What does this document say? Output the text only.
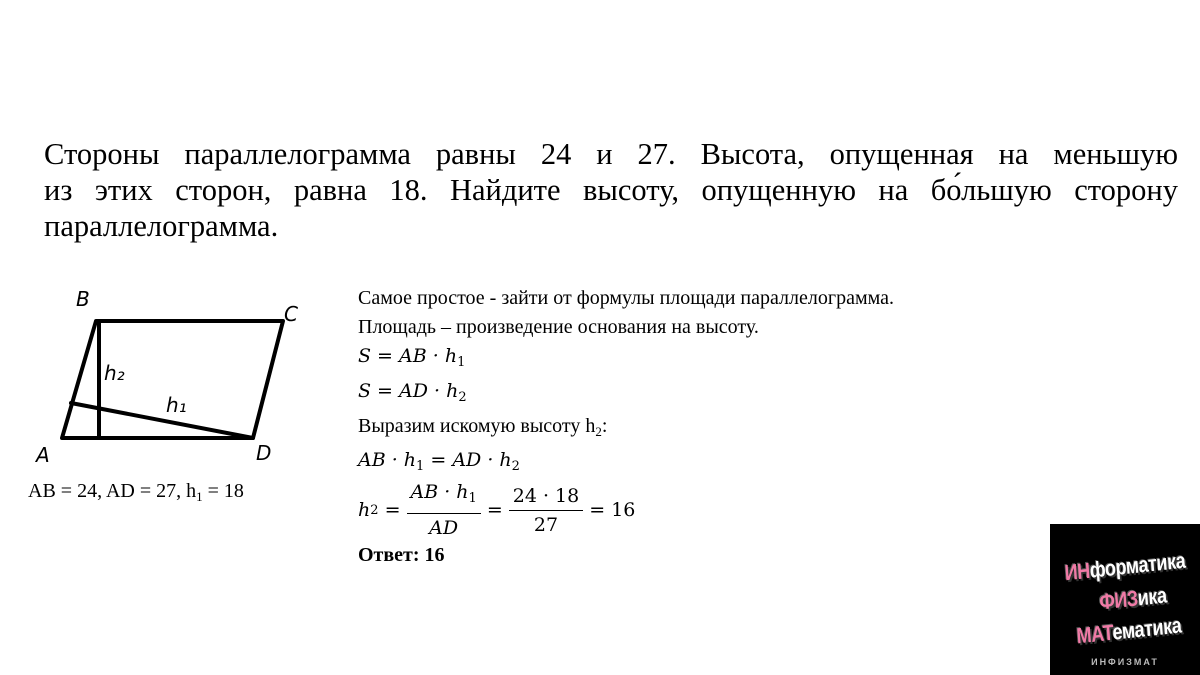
Стороны параллелограмма равны 24 и 27. Высота, опущенная на меньшую
из этих сторон, равна 18. Найдите высоту, опущенную на бо́льшую сторону
параллелограмма.
B
C
A	D
h₂
h₁
AB = 24, AD = 27, $h_1 = 18$
Самое простое - зайти от формулы площади параллелограмма.
Площадь – произведение основания на высоту.
S = AB · $h_1$
S = AD · $h_2$
Выразим искомую высоту $h_2$:
AB · $h_1$ = AD · $h_2$
h $2 = \frac{AB \cdot h_1}{AD} = \frac{24 \cdot 18}{27} = 16$
Ответ: 16
ИНформатика
ФИЗика
МАТематика
ИНФИЗМАТ
